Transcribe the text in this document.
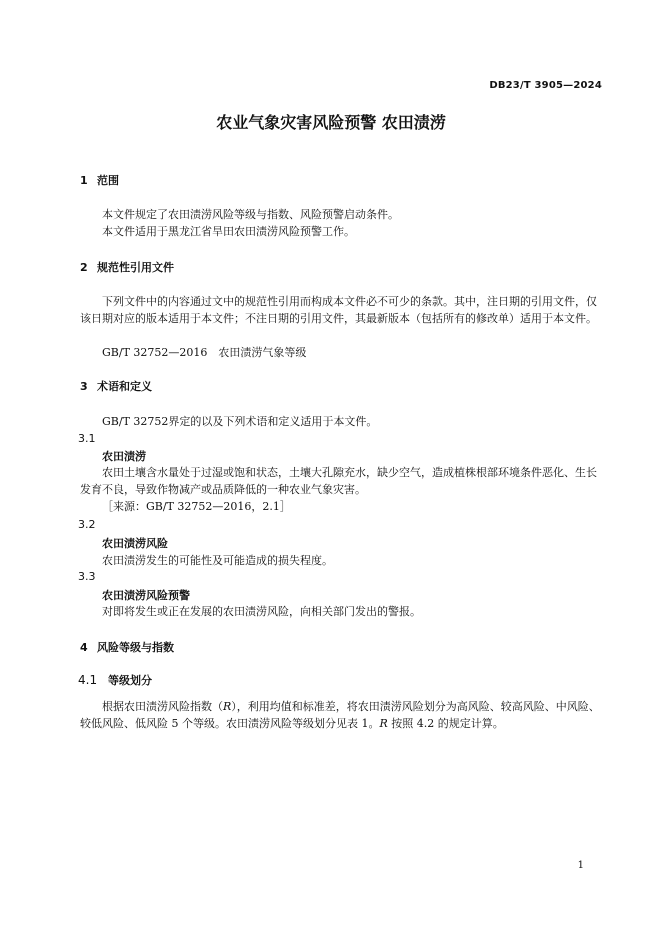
DB23/T 3905—2024
农业气象灾害风险预警 农田渍涝
1 范围
本文件规定了农田渍涝风险等级与指数、风险预警启动条件。
本文件适用于黑龙江省旱田农田渍涝风险预警工作。
2 规范性引用文件
下列文件中的内容通过文中的规范性引用而构成本文件必不可少的条款。其中，注日期的引用文件，仅该日期对应的版本适用于本文件；不注日期的引用文件，其最新版本（包括所有的修改单）适用于本文件。
GB/T 32752—2016　农田渍涝气象等级
3 术语和定义
GB/T 32752界定的以及下列术语和定义适用于本文件。
3.1
农田渍涝
农田土壤含水量处于过湿或饱和状态，土壤大孔隙充水，缺少空气，造成植株根部环境条件恶化、生长发育不良，导致作物减产或品质降低的一种农业气象灾害。
［来源：GB/T 32752—2016，2.1］
3.2
农田渍涝风险
农田渍涝发生的可能性及可能造成的损失程度。
3.3
农田渍涝风险预警
对即将发生或正在发展的农田渍涝风险，向相关部门发出的警报。
4 风险等级与指数
4.1 等级划分
根据农田渍涝风险指数（R），利用均值和标准差，将农田渍涝风险划分为高风险、较高风险、中风险、较低风险、低风险 5 个等级。农田渍涝风险等级划分见表 1。R 按照 4.2 的规定计算。
1
